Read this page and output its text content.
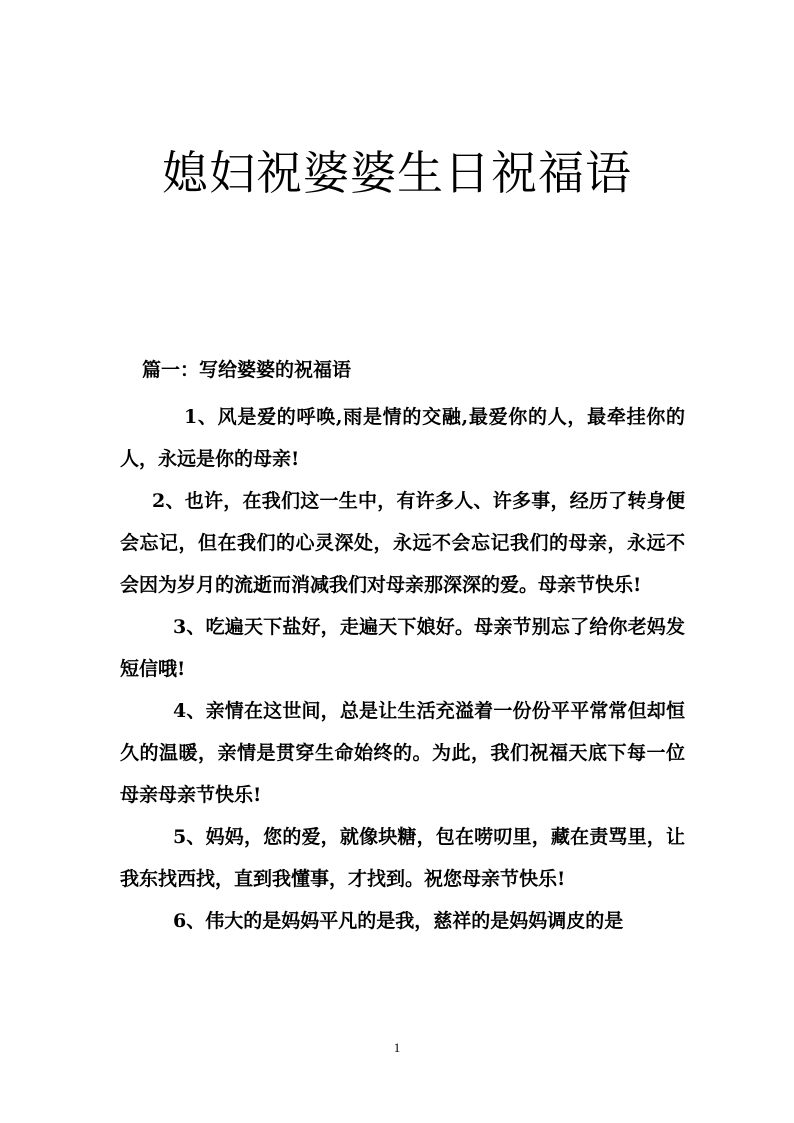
媳妇祝婆婆生日祝福语

篇一：写给婆婆的祝福语

1、风是爱的呼唤,雨是情的交融,最爱你的人，最牵挂你的人，永远是你的母亲!

2、也许，在我们这一生中，有许多人、许多事，经历了转身便会忘记，但在我们的心灵深处，永远不会忘记我们的母亲，永远不会因为岁月的流逝而消减我们对母亲那深深的爱。母亲节快乐!

3、吃遍天下盐好，走遍天下娘好。母亲节别忘了给你老妈发短信哦!

4、亲情在这世间，总是让生活充溢着一份份平平常常但却恒久的温暖，亲情是贯穿生命始终的。为此，我们祝福天底下每一位母亲母亲节快乐!

5、妈妈，您的爱，就像块糖，包在唠叨里，藏在责骂里，让我东找西找，直到我懂事，才找到。祝您母亲节快乐!

6、伟大的是妈妈平凡的是我，慈祥的是妈妈调皮的是

1
